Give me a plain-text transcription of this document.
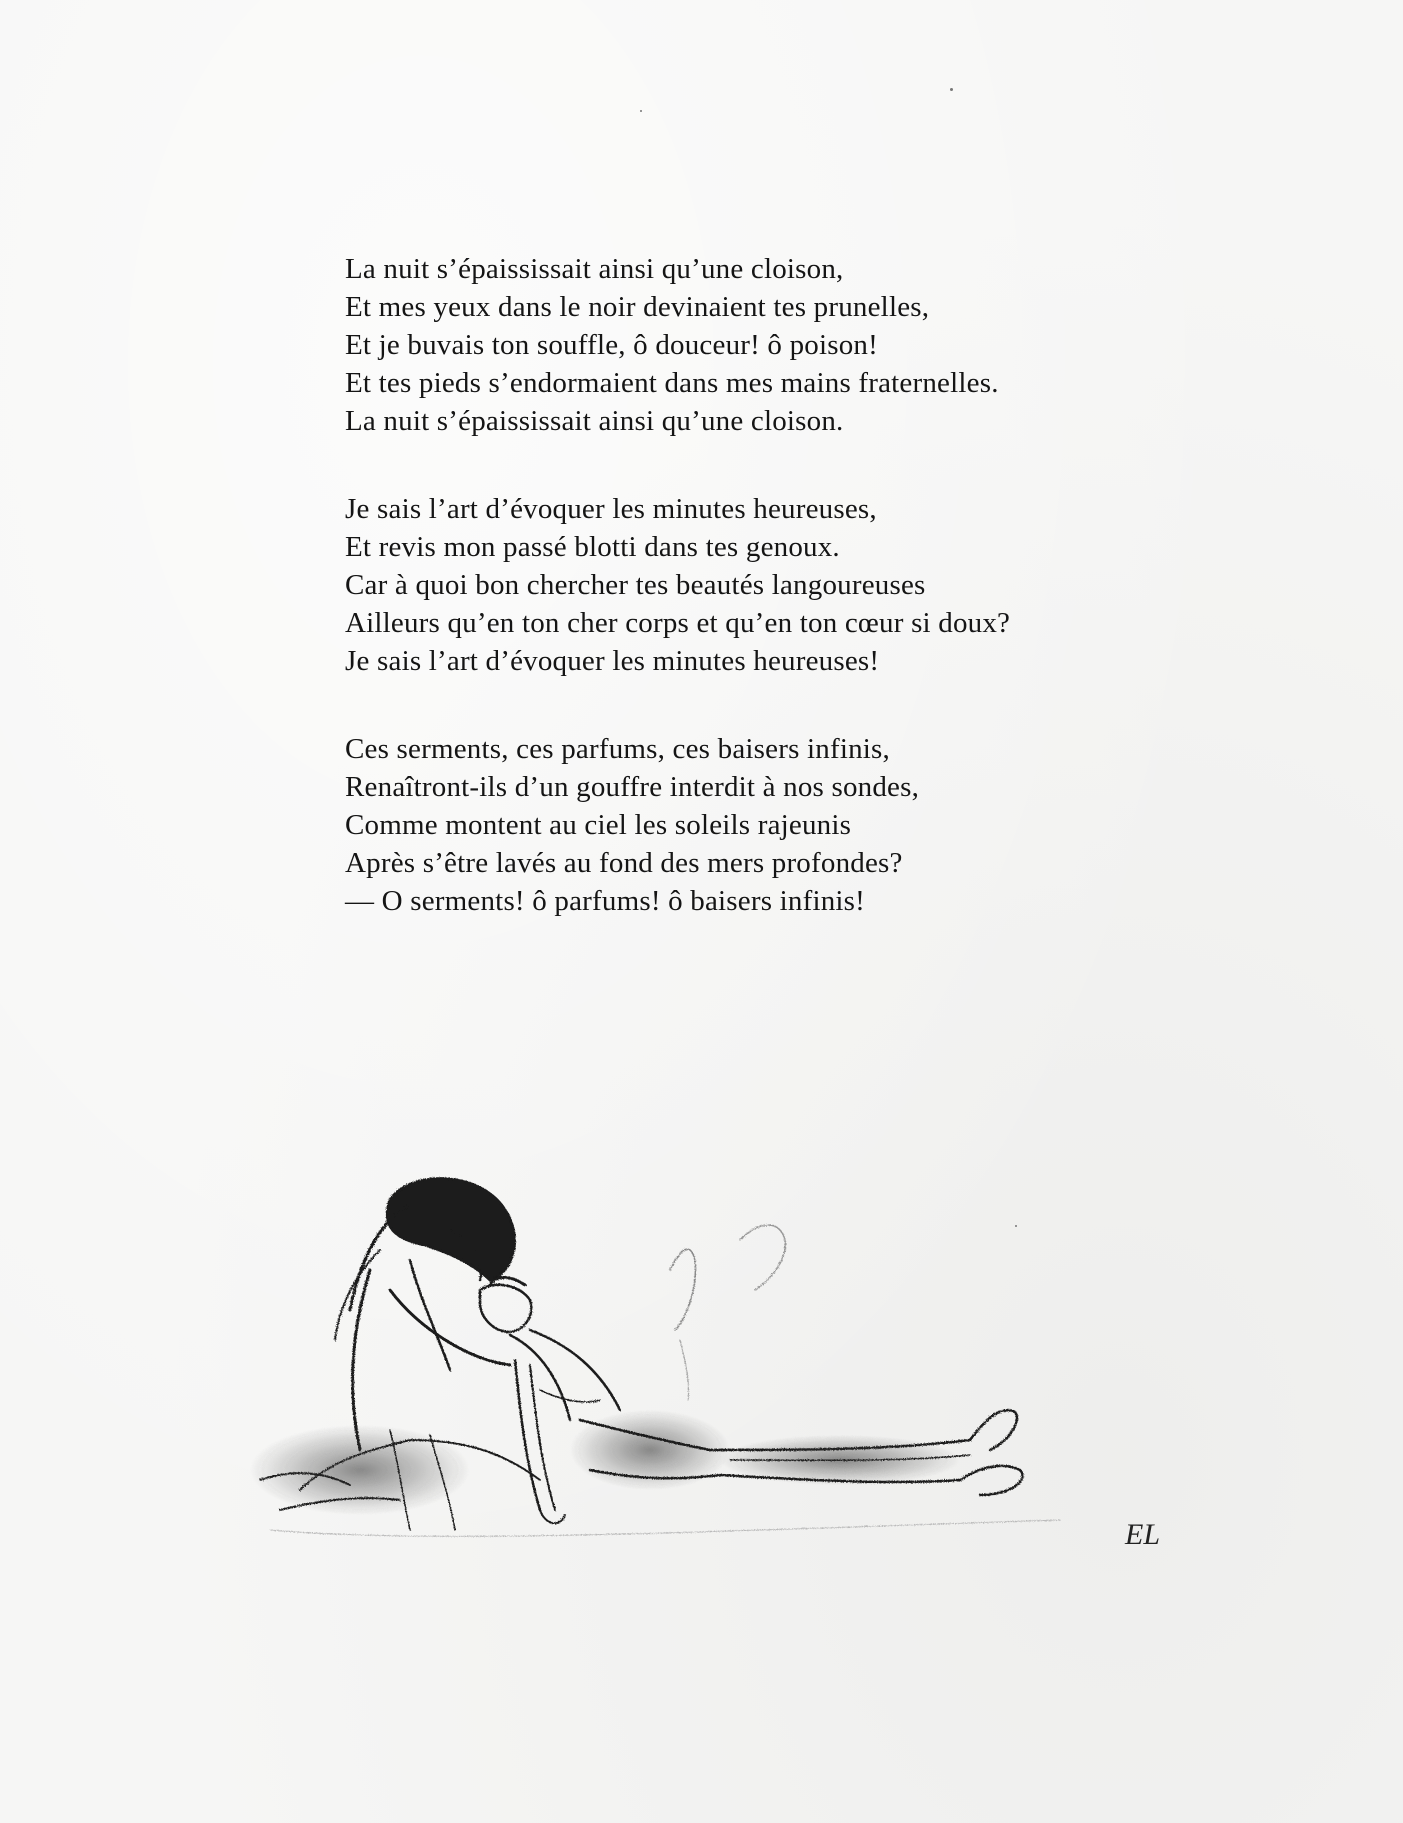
La nuit s’épaississait ainsi qu’une cloison,
Et mes yeux dans le noir devinaient tes prunelles,
Et je buvais ton souffle, ô douceur! ô poison!
Et tes pieds s’endormaient dans mes mains fraternelles.
La nuit s’épaississait ainsi qu’une cloison.
Je sais l’art d’évoquer les minutes heureuses,
Et revis mon passé blotti dans tes genoux.
Car à quoi bon chercher tes beautés langoureuses
Ailleurs qu’en ton cher corps et qu’en ton cœur si doux?
Je sais l’art d’évoquer les minutes heureuses!
Ces serments, ces parfums, ces baisers infinis,
Renaîtront-ils d’un gouffre interdit à nos sondes,
Comme montent au ciel les soleils rajeunis
Après s’être lavés au fond des mers profondes?
— O serments! ô parfums! ô baisers infinis!
EL
